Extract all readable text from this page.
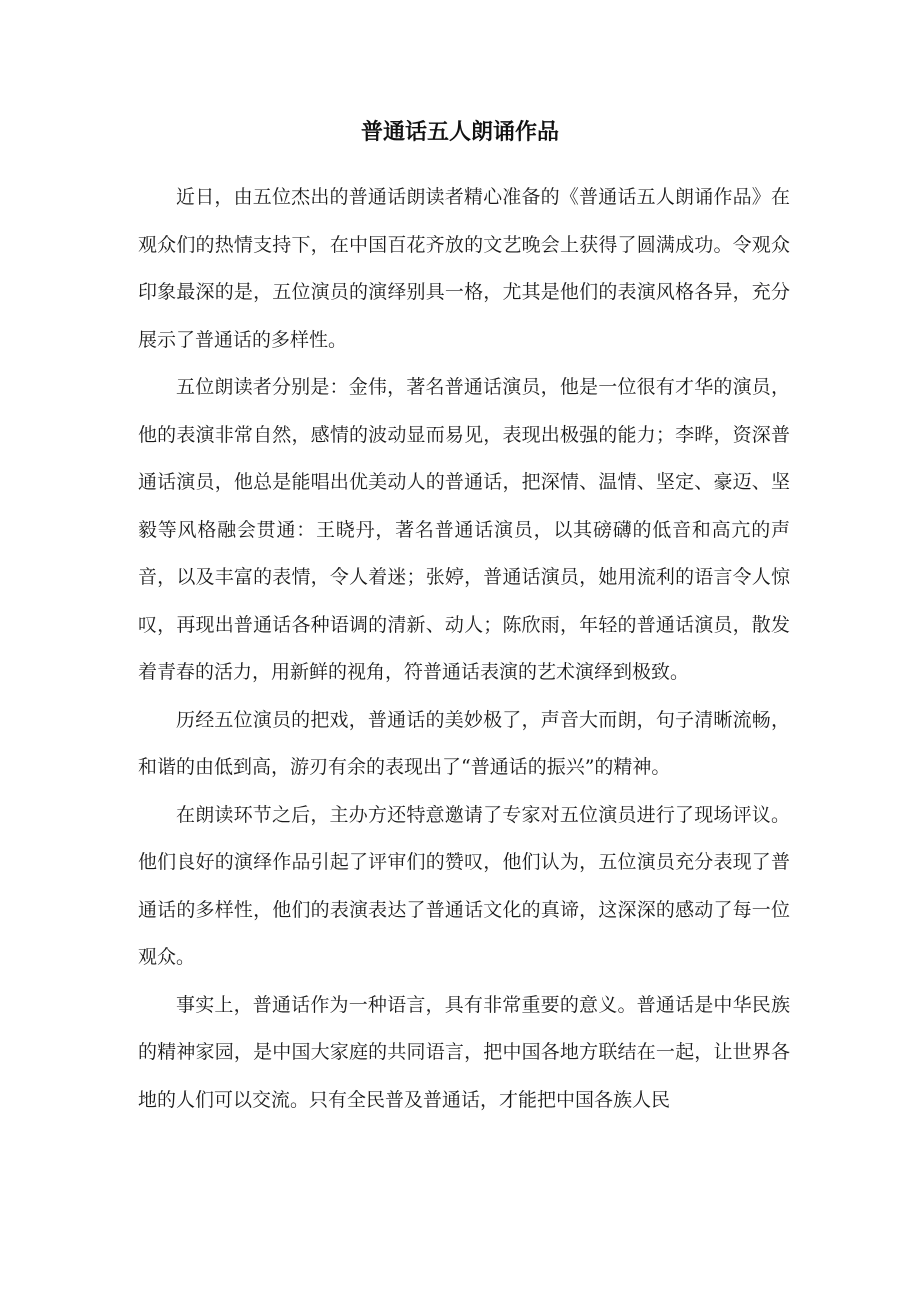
普通话五人朗诵作品

近日，由五位杰出的普通话朗读者精心准备的《普通话五人朗诵作品》在观众们的热情支持下，在中国百花齐放的文艺晚会上获得了圆满成功。令观众印象最深的是，五位演员的演绎别具一格，尤其是他们的表演风格各异，充分展示了普通话的多样性。

五位朗读者分别是：金伟，著名普通话演员，他是一位很有才华的演员，他的表演非常自然，感情的波动显而易见，表现出极强的能力；李晔，资深普通话演员，他总是能唱出优美动人的普通话，把深情、温情、坚定、豪迈、坚毅等风格融会贯通：王晓丹，著名普通话演员，以其磅礴的低音和高亢的声音，以及丰富的表情，令人着迷；张婷，普通话演员，她用流利的语言令人惊叹，再现出普通话各种语调的清新、动人；陈欣雨，年轻的普通话演员，散发着青春的活力，用新鲜的视角，符普通话表演的艺术演绎到极致。

历经五位演员的把戏，普通话的美妙极了，声音大而朗，句子清晰流畅，和谐的由低到高，游刃有余的表现出了“普通话的振兴”的精神。

在朗读环节之后，主办方还特意邀请了专家对五位演员进行了现场评议。他们良好的演绎作品引起了评审们的赞叹，他们认为，五位演员充分表现了普通话的多样性，他们的表演表达了普通话文化的真谛，这深深的感动了每一位观众。

事实上，普通话作为一种语言，具有非常重要的意义。普通话是中华民族的精神家园，是中国大家庭的共同语言，把中国各地方联结在一起，让世界各地的人们可以交流。只有全民普及普通话，才能把中国各族人民
